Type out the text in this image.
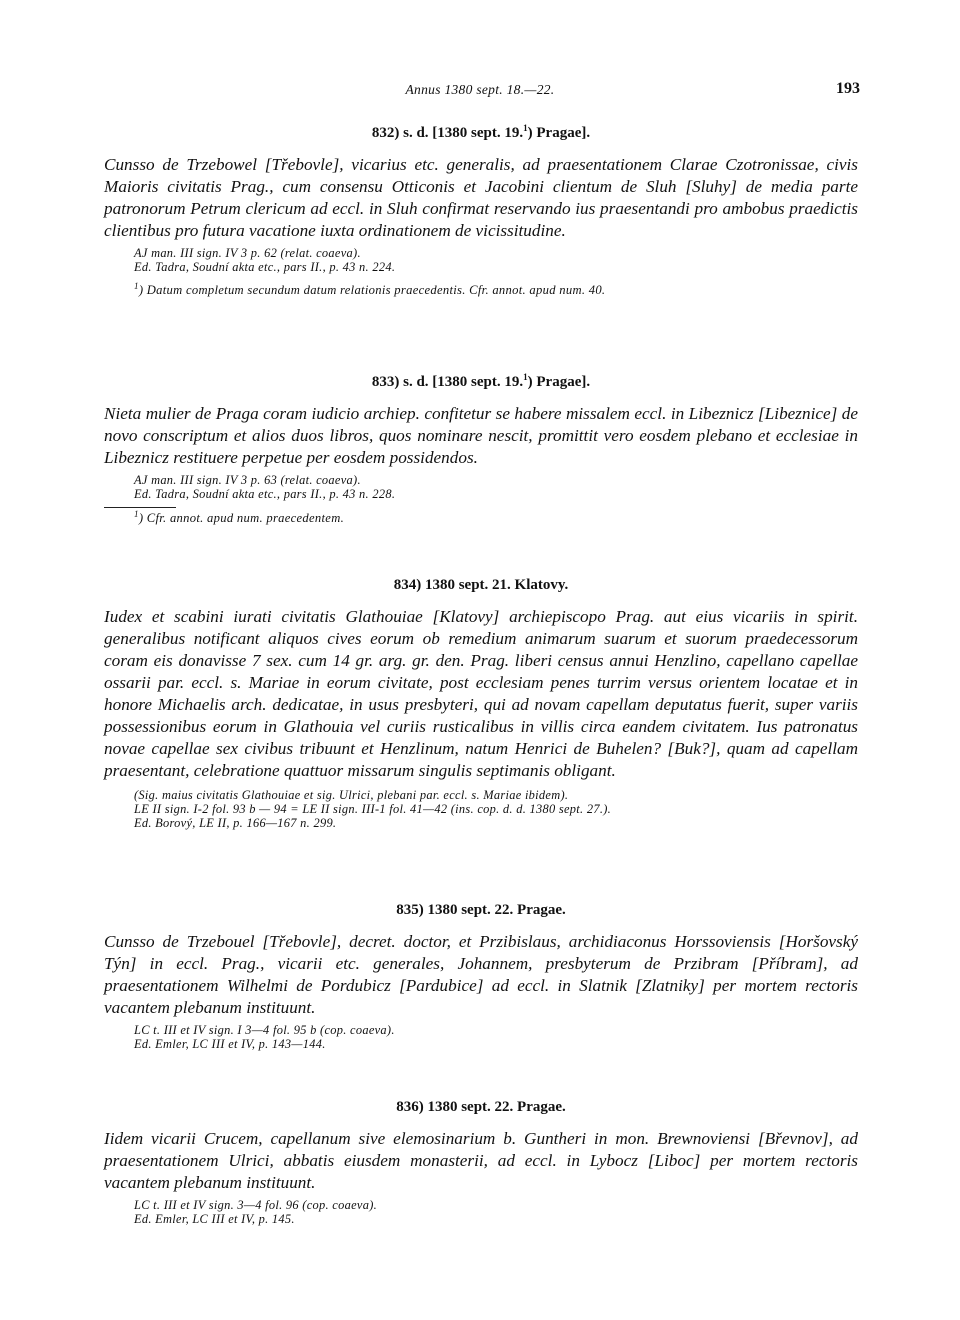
Annus 1380 sept. 18.—22.	193
832) s. d. [1380 sept. 19.$^1$) Pragae].

Cunsso de Trzebowel [Třebovle], vicarius etc. generalis, ad praesentationem Clarae Czotronissae, civis Maioris civitatis Prag., cum consensu Otticonis et Jacobini clientum de Sluh [Sluhy] de media parte patronorum Petrum clericum ad eccl. in Sluh confirmat reservando ius praesentandi pro ambobus praedictis clientibus pro futura vacatione iuxta ordinationem de vicissitudine.

AJ man. III sign. IV 3 p. 62 (relat. coaeva).
Ed. Tadra, Soudní akta etc., pars II., p. 43 n. 224.
$^1$) Datum completum secundum datum relationis praecedentis. Cfr. annot. apud num. 40.
833) s. d. [1380 sept. 19.$^1$) Pragae].

Nieta mulier de Praga coram iudicio archiep. confitetur se habere missalem eccl. in Libeznicz [Libeznice] de novo conscriptum et alios duos libros, quos nominare nescit, promittit vero eosdem plebano et ecclesiae in Libeznicz restituere perpetue per eosdem possidendos.

AJ man. III sign. IV 3 p. 63 (relat. coaeva).
Ed. Tadra, Soudní akta etc., pars II., p. 43 n. 228.
$^1$) Cfr. annot. apud num. praecedentem.
834) 1380 sept. 21. Klatovy.

Iudex et scabini iurati civitatis Glathouiae [Klatovy] archiepiscopo Prag. aut eius vicariis in spirit. generalibus notificant aliquos cives eorum ob remedium animarum suarum et suorum praedecessorum coram eis donavisse 7 sex. cum 14 gr. arg. gr. den. Prag. liberi census annui Henzlino, capellano capellae ossarii par. eccl. s. Mariae in eorum civitate, post ecclesiam penes turrim versus orientem locatae et in honore Michaelis arch. dedicatae, in usus presbyteri, qui ad novam capellam deputatus fuerit, super variis possessionibus eorum in Glathouia vel curiis rusticalibus in villis circa eandem civitatem. Ius patronatus novae capellae sex civibus tribuunt et Henzlinum, natum Henrici de Buhelen? [Buk?], quam ad capellam praesentant, celebratione quattuor missarum singulis septimanis obligant.

(Sig. maius civitatis Glathouiae et sig. Ulrici, plebani par. eccl. s. Mariae ibidem).
LE II sign. I-2 fol. 93 b — 94 = LE II sign. III-1 fol. 41—42 (ins. cop. d. d. 1380 sept. 27.).
Ed. Borový, LE II, p. 166—167 n. 299.
835) 1380 sept. 22. Pragae.

Cunsso de Trzebouel [Třebovle], decret. doctor, et Przibislaus, archidiaconus Horssoviensis [Horšovský Týn] in eccl. Prag., vicarii etc. generales, Johannem, presbyterum de Przibram [Příbram], ad praesentationem Wilhelmi de Pordubicz [Pardubice] ad eccl. in Slatnik [Zlatniky] per mortem rectoris vacantem plebanum instituunt.

LC t. III et IV sign. I 3—4 fol. 95 b (cop. coaeva).
Ed. Emler, LC III et IV, p. 143—144.
836) 1380 sept. 22. Pragae.

Iidem vicarii Crucem, capellanum sive elemosinarium b. Guntheri in mon. Brewnoviensi [Břevnov], ad praesentationem Ulrici, abbatis eiusdem monasterii, ad eccl. in Lybocz [Liboc] per mortem rectoris vacantem plebanum instituunt.

LC t. III et IV sign. 3—4 fol. 96 (cop. coaeva).
Ed. Emler, LC III et IV, p. 145.
